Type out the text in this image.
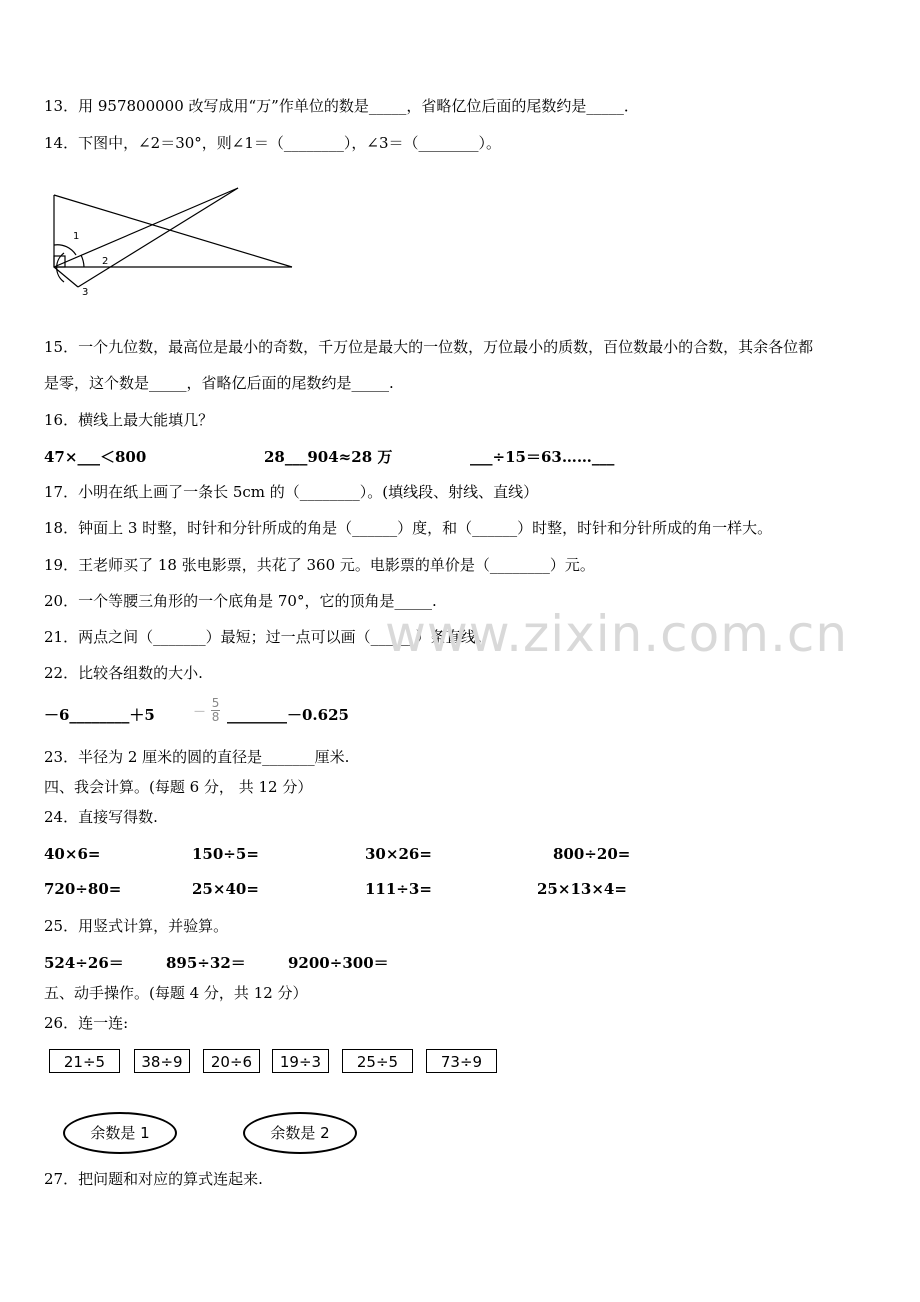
13．用 957800000 改写成用“万”作单位的数是_____，省略亿位后面的尾数约是_____．
14．下图中，∠2＝30°，则∠1＝（________），∠3＝（________）。
1
2
3
15．一个九位数，最高位是最小的奇数，千万位是最大的一位数，万位最小的质数，百位数最小的合数，其余各位都
是零，这个数是_____，省略亿后面的尾数约是_____.
16．横线上最大能填几？
47×___＜800	28___904≈28 万	___÷15＝63……___
17．小明在纸上画了一条长 5cm 的（________）。(填线段、射线、直线）
18．钟面上 3 时整，时针和分针所成的角是（______）度，和（______）时整，时针和分针所成的角一样大。
19．王老师买了 18 张电影票，共花了 360 元。电影票的单价是（________）元。
20．一个等腰三角形的一个底角是 70°，它的顶角是_____.
21．两点之间（_______）最短；过一点可以画（______）条直线。
www.zixin.com.cn
22．比较各组数的大小.
－6________＋5	－ $\frac{5}{8}$ ________－0.625
23．半径为 2 厘米的圆的直径是_______厘米.
四、我会计算。(每题 6 分， 共 12 分）
24．直接写得数.
40×6=	150÷5=	30×26=	800÷20=
720÷80=	25×40=	111÷3=	25×13×4=
25．用竖式计算，并验算。
524÷26＝	895÷32＝	9200÷300＝
五、动手操作。(每题 4 分，共 12 分）
26．连一连:
21÷5	38÷9	20÷6	19÷3	25÷5	73÷9
余数是 1	余数是 2
27．把问题和对应的算式连起来.
